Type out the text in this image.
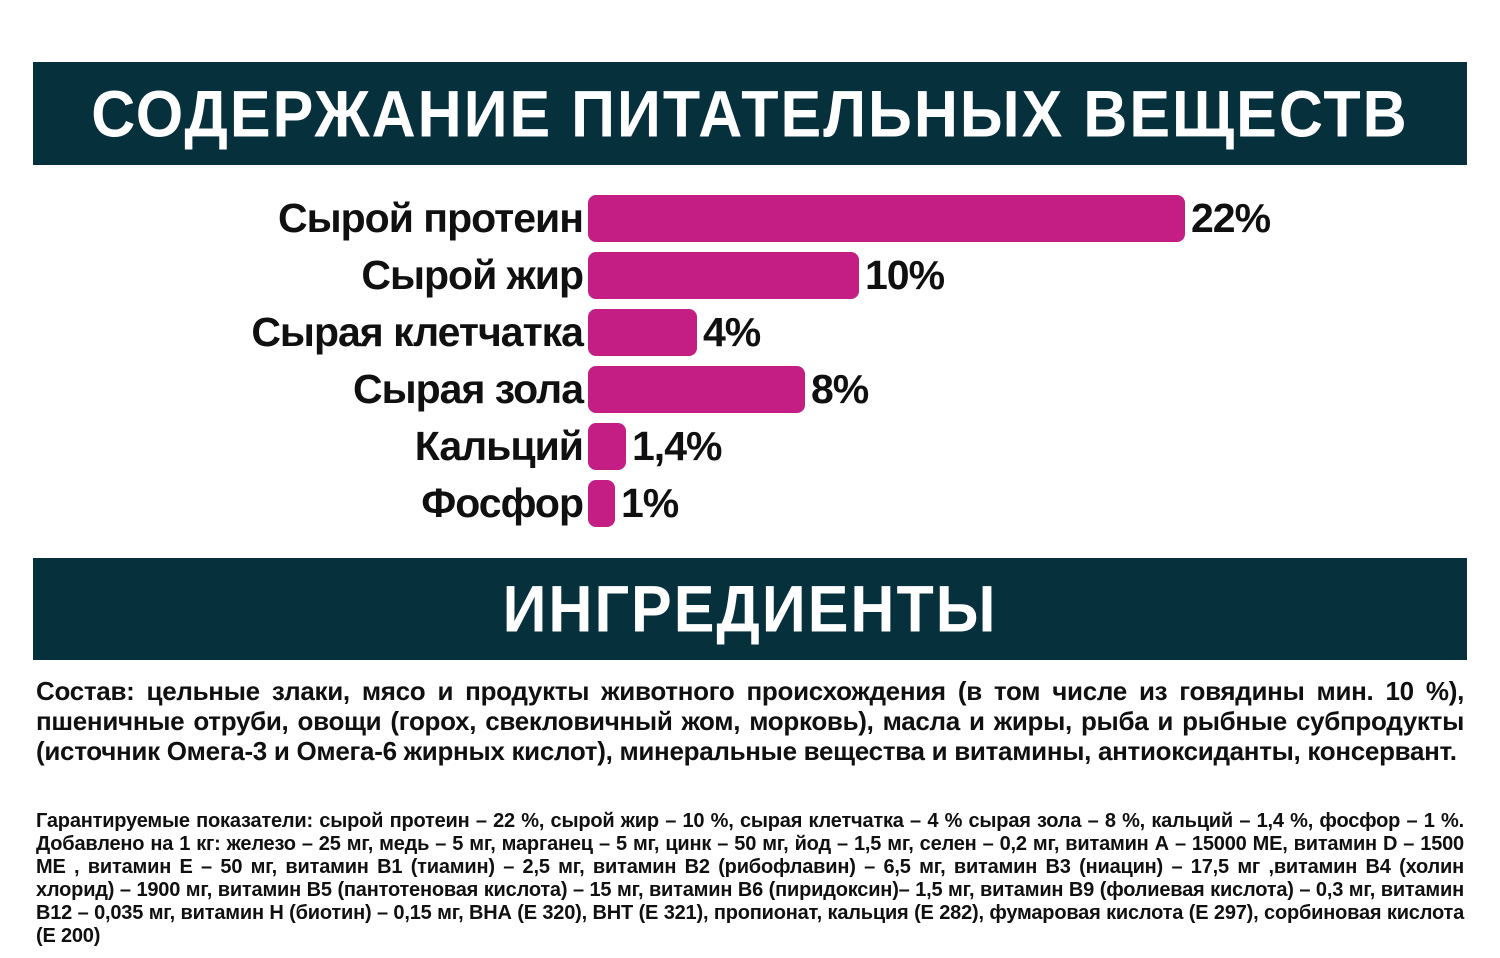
СОДЕРЖАНИЕ ПИТАТЕЛЬНЫХ ВЕЩЕСТВ
Сырой протеин	22%
Сырой жир	10%
Сырая клетчатка	4%
Сырая зола	8%
Кальций 1,4%
Фосфор 1%
ИНГРЕДИЕНТЫ
Состав: цельные злаки, мясо и продукты животного происхождения (в том числе из говядины мин. 10 %), пшеничные отруби, овощи (горох, свекловичный жом, морковь), масла и жиры, рыба и рыбные субпродукты (источник Омега-3 и Омега-6 жирных кислот), минеральные вещества и витамины, антиоксиданты, консервант.
Гарантируемые показатели: сырой протеин – 22 %, сырой жир – 10 %, сырая клетчатка – 4 % сырая зола – 8 %, кальций – 1,4 %, фосфор – 1 %. Добавлено на 1 кг: железо – 25 мг, медь – 5 мг, марганец – 5 мг, цинк – 50 мг, йод – 1,5 мг, селен – 0,2 мг, витамин А – 15000 МЕ, витамин D – 1500 МЕ , витамин Е – 50 мг, витамин В1 (тиамин) – 2,5 мг, витамин В2 (рибофлавин) – 6,5 мг, витамин В3 (ниацин) – 17,5 мг ,витамин В4 (холин хлорид) – 1900 мг, витамин В5 (пантотеновая кислота) – 15 мг, витамин В6 (пиридоксин)– 1,5 мг, витамин В9 (фолиевая кислота) – 0,3 мг, витамин В12 – 0,035 мг, витамин Н (биотин) – 0,15 мг, ВНА (Е 320), ВНТ (Е 321), пропионат, кальция (Е 282), фумаровая кислота (Е 297), сорбиновая кислота (Е 200)
